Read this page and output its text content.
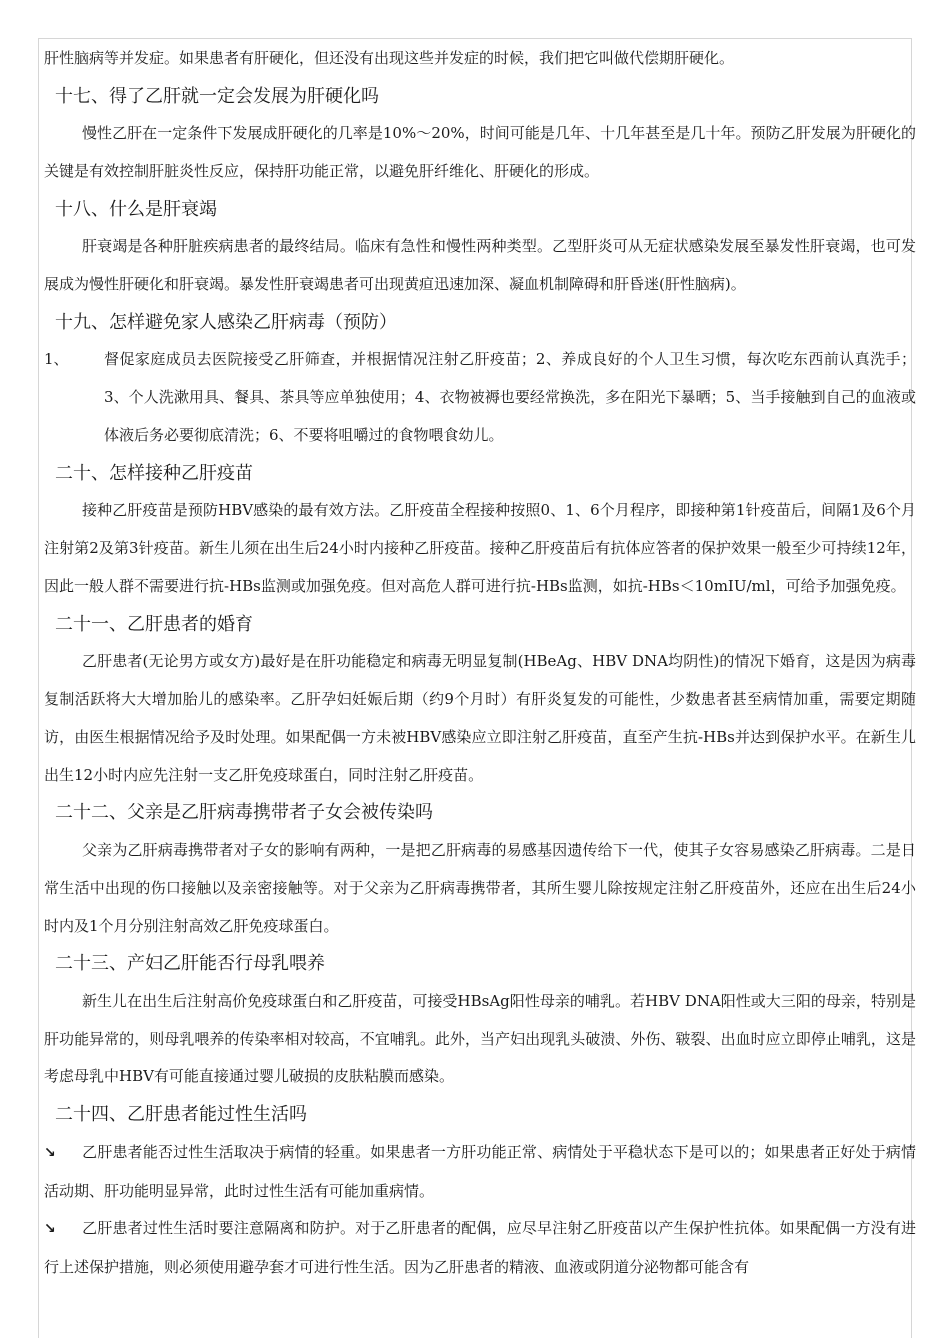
肝性脑病等并发症。如果患者有肝硬化，但还没有出现这些并发症的时候，我们把它叫做代偿期肝硬化。

十七、得了乙肝就一定会发展为肝硬化吗

慢性乙肝在一定条件下发展成肝硬化的几率是10%～20%，时间可能是几年、十几年甚至是几十年。预防乙肝发展为肝硬化的关键是有效控制肝脏炎性反应，保持肝功能正常，以避免肝纤维化、肝硬化的形成。

十八、什么是肝衰竭

肝衰竭是各种肝脏疾病患者的最终结局。临床有急性和慢性两种类型。乙型肝炎可从无症状感染发展至暴发性肝衰竭，也可发展成为慢性肝硬化和肝衰竭。暴发性肝衰竭患者可出现黄疸迅速加深、凝血机制障碍和肝昏迷(肝性脑病)。

十九、怎样避免家人感染乙肝病毒（预防）
1、	督促家庭成员去医院接受乙肝筛查，并根据情况注射乙肝疫苗；2、养成良好的个人卫生习惯，每次吃东西前认真洗手；3、个人洗漱用具、餐具、茶具等应单独使用；4、衣物被褥也要经常换洗，多在阳光下暴晒；5、当手接触到自己的血液或体液后务必要彻底清洗；6、不要将咀嚼过的食物喂食幼儿。

二十、怎样接种乙肝疫苗

接种乙肝疫苗是预防HBV感染的最有效方法。乙肝疫苗全程接种按照0、1、6个月程序，即接种第1针疫苗后，间隔1及6个月注射第2及第3针疫苗。新生儿须在出生后24小时内接种乙肝疫苗。接种乙肝疫苗后有抗体应答者的保护效果一般至少可持续12年，因此一般人群不需要进行抗-HBs监测或加强免疫。但对高危人群可进行抗-HBs监测，如抗-HBs＜10mIU/ml，可给予加强免疫。

二十一、乙肝患者的婚育

乙肝患者(无论男方或女方)最好是在肝功能稳定和病毒无明显复制(HBeAg、HBV DNA均阴性)的情况下婚育，这是因为病毒复制活跃将大大增加胎儿的感染率。乙肝孕妇妊娠后期（约9个月时）有肝炎复发的可能性，少数患者甚至病情加重，需要定期随访，由医生根据情况给予及时处理。如果配偶一方未被HBV感染应立即注射乙肝疫苗，直至产生抗-HBs并达到保护水平。在新生儿出生12小时内应先注射一支乙肝免疫球蛋白，同时注射乙肝疫苗。

二十二、父亲是乙肝病毒携带者子女会被传染吗

父亲为乙肝病毒携带者对子女的影响有两种，一是把乙肝病毒的易感基因遗传给下一代，使其子女容易感染乙肝病毒。二是日常生活中出现的伤口接触以及亲密接触等。对于父亲为乙肝病毒携带者，其所生婴儿除按规定注射乙肝疫苗外，还应在出生后24小时内及1个月分别注射高效乙肝免疫球蛋白。

二十三、产妇乙肝能否行母乳喂养

新生儿在出生后注射高价免疫球蛋白和乙肝疫苗，可接受HBsAg阳性母亲的哺乳。若HBV DNA阳性或大三阳的母亲，特别是肝功能异常的，则母乳喂养的传染率相对较高，不宜哺乳。此外，当产妇出现乳头破溃、外伤、皲裂、出血时应立即停止哺乳，这是考虑母乳中HBV有可能直接通过婴儿破损的皮肤粘膜而感染。

二十四、乙肝患者能过性生活吗

↘ 乙肝患者能否过性生活取决于病情的轻重。如果患者一方肝功能正常、病情处于平稳状态下是可以的；如果患者正好处于病情活动期、肝功能明显异常，此时过性生活有可能加重病情。

↘ 乙肝患者过性生活时要注意隔离和防护。对于乙肝患者的配偶，应尽早注射乙肝疫苗以产生保护性抗体。如果配偶一方没有进行上述保护措施，则必须使用避孕套才可进行性生活。因为乙肝患者的精液、血液或阴道分泌物都可能含有
